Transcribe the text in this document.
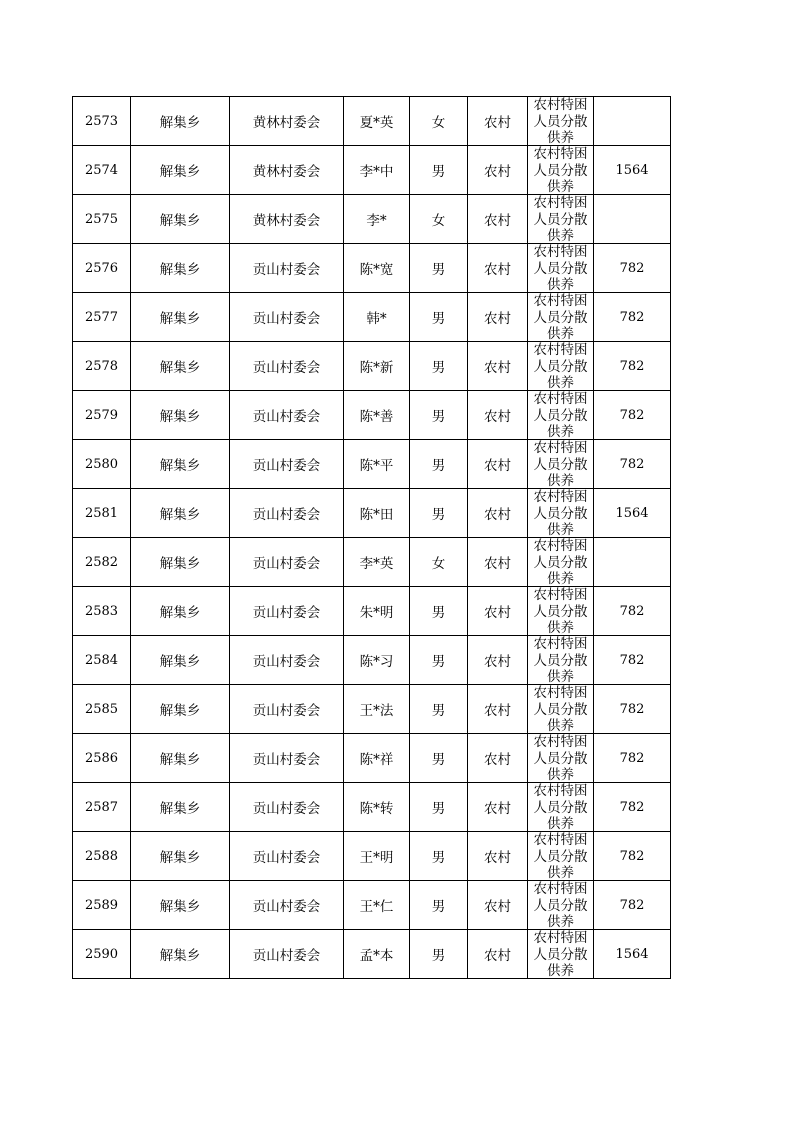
2573	解集乡	黄林村委会	夏*英	女	农村	农村特困
人员分散
供养	

2574	解集乡	黄林村委会	李*中	男	农村	农村特困
人员分散
供养	1564
2575	解集乡	黄林村委会	李*	女	农村	农村特困
人员分散
供养	

2576	解集乡	贡山村委会	陈*宽	男	农村	农村特困
人员分散
供养	782
2577	解集乡	贡山村委会	韩*	男	农村	农村特困
人员分散
供养	782
2578	解集乡	贡山村委会	陈*新	男	农村	农村特困
人员分散
供养	782
2579	解集乡	贡山村委会	陈*善	男	农村	农村特困
人员分散
供养	782
2580	解集乡	贡山村委会	陈*平	男	农村	农村特困
人员分散
供养	782
2581	解集乡	贡山村委会	陈*田	男	农村	农村特困
人员分散
供养	1564
2582	解集乡	贡山村委会	李*英	女	农村	农村特困
人员分散
供养	

2583	解集乡	贡山村委会	朱*明	男	农村	农村特困
人员分散
供养	782
2584	解集乡	贡山村委会	陈*习	男	农村	农村特困
人员分散
供养	782
2585	解集乡	贡山村委会	王*法	男	农村	农村特困
人员分散
供养	782
2586	解集乡	贡山村委会	陈*祥	男	农村	农村特困
人员分散
供养	782
2587	解集乡	贡山村委会	陈*转	男	农村	农村特困
人员分散
供养	782
2588	解集乡	贡山村委会	王*明	男	农村	农村特困
人员分散
供养	782
2589	解集乡	贡山村委会	王*仁	男	农村	农村特困
人员分散
供养	782
2590	解集乡	贡山村委会	孟*本	男	农村	农村特困
人员分散
供养	1564
